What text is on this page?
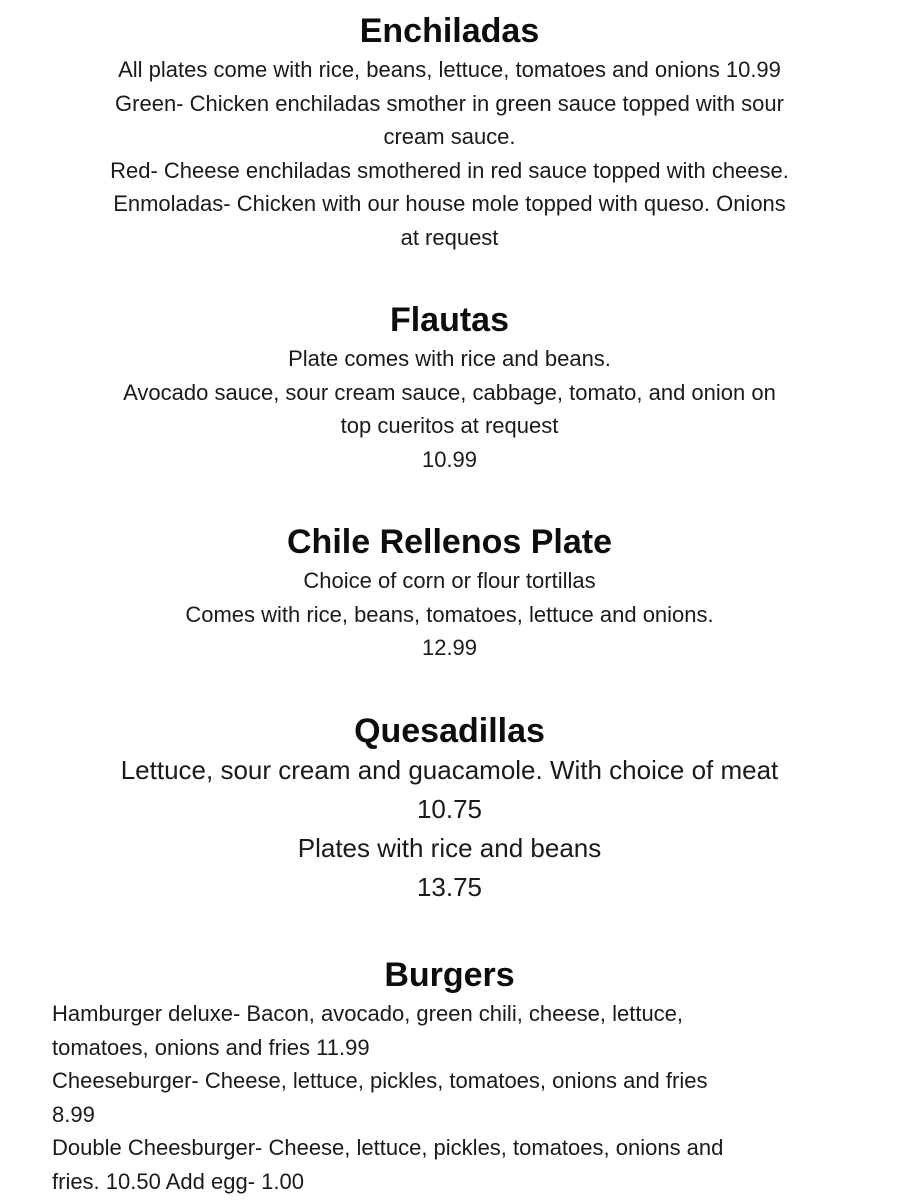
Enchiladas

All plates come with rice, beans, lettuce, tomatoes and onions 10.99

Green- Chicken enchiladas smother in green sauce topped with sour

cream sauce.

Red- Cheese enchiladas smothered in red sauce topped with cheese.

Enmoladas- Chicken with our house mole topped with queso. Onions

at request

Flautas

Plate comes with rice and beans.

Avocado sauce, sour cream sauce, cabbage, tomato, and onion on

top cueritos at request

10.99

Chile Rellenos Plate

Choice of corn or flour tortillas

Comes with rice, beans, tomatoes, lettuce and onions.

12.99

Quesadillas

Lettuce, sour cream and guacamole. With choice of meat

10.75

Plates with rice and beans

13.75

Burgers

Hamburger deluxe- Bacon, avocado, green chili, cheese, lettuce,

tomatoes, onions and fries 11.99

Cheeseburger- Cheese, lettuce, pickles, tomatoes, onions and fries

8.99

Double Cheesburger- Cheese, lettuce, pickles, tomatoes, onions and

fries. 10.50 Add egg- 1.00
